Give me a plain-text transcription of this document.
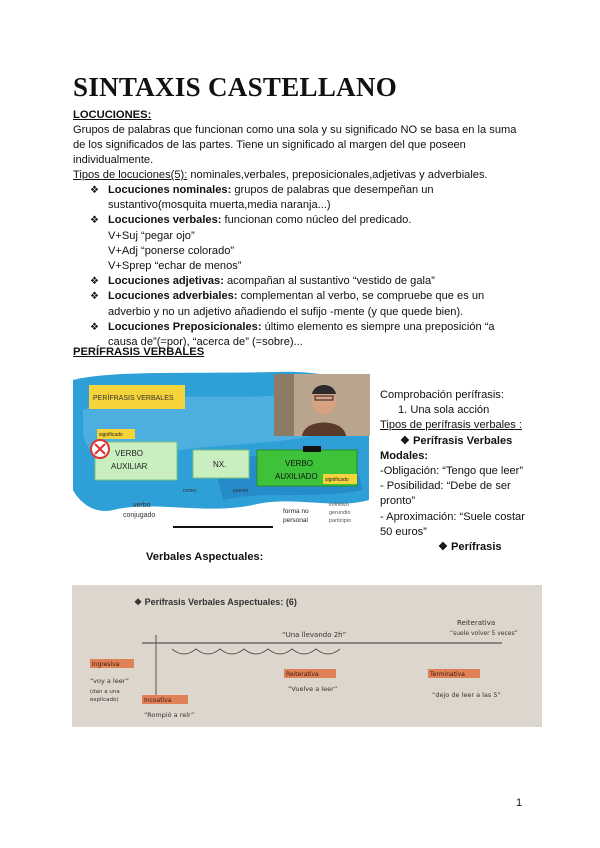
SINTAXIS CASTELLANO
LOCUCIONES:
Grupos de palabras que funcionan como una sola y su significado NO se basa en la suma
de los significados de las partes. Tiene un significado al margen del que poseen
individualmente.
Tipos de locuciones(5): nominales,verbales, preposicionales,adjetivas y adverbiales.
❖ Locuciones nominales: grupos de palabras que desempeñan un
sustantivo(mosquita muerta,media naranja...)
❖ Locuciones verbales: funcionan como núcleo del predicado.
V+Suj “pegar ojo”
V+Adj “ponerse colorado”
V+Sprep “echar de menos”
❖ Locuciones adjetivas: acompañan al sustantivo “vestido de gala”
❖ Locuciones adverbiales: complementan al verbo, se compruebe que es un
adverbio y no un adjetivo añadiendo el sufijo -mente (y que quede bien).
❖ Locuciones Preposicionales: último elemento es siempre una preposición “a
causa de”(=por), “acerca de” (=sobre)...
PERÍFRASIS VERBALES
PERÍFRASIS VERBALES
VERBO
AUXILIAR
significado
NX.	VERBO
AUXILIADO significado
verbo
conjugado
conec.	puente
forma no
personal
infinitivo
gerundio
participio
Comprobación perífrasis:
1. Una sola acción
Tipos de perífrasis verbales :
❖ Perífrasis Verbales
Modales:
-Obligación: “Tengo que leer”
- Posibilidad: “Debe de ser
pronto”
- Aproximación: “Suele costar
50 euros”
❖ Perífrasis
Verbales Aspectuales:
❖ Perífrasis Verbales Aspectuales: (6)
“Una llevando 2h”
Reiterativa
“suele volver 5 veces”
Ingresiva
“voy a leer”
(dan a una
explicado)	Incoativa
“Rompió a reír”
Reiterativa
“Vuelve a leer”
Terminativa
“dejo de leer a las 5”
1
